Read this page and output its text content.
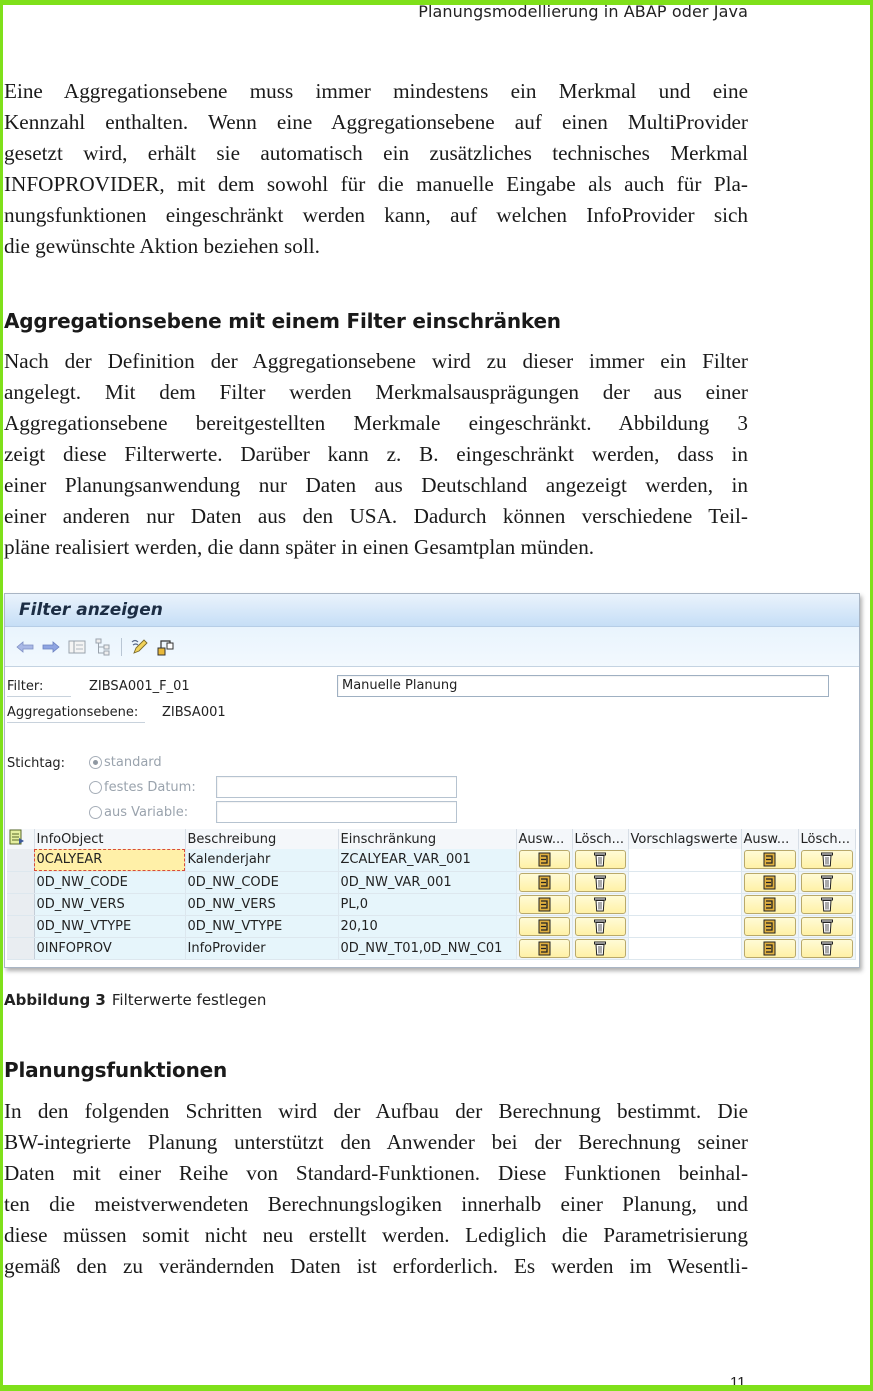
Planungsmodellierung in ABAP oder Java
Eine Aggregationsebene muss immer mindestens ein Merkmal und eine
Kennzahl enthalten. Wenn eine Aggregationsebene auf einen MultiProvider
gesetzt wird, erhält sie automatisch ein zusätzliches technisches Merkmal
INFOPROVIDER, mit dem sowohl für die manuelle Eingabe als auch für Pla-
nungsfunktionen eingeschränkt werden kann, auf welchen InfoProvider sich
die gewünschte Aktion beziehen soll.
Aggregationsebene mit einem Filter einschränken
Nach der Definition der Aggregationsebene wird zu dieser immer ein Filter
angelegt. Mit dem Filter werden Merkmalsausprägungen der aus einer
Aggregationsebene bereitgestellten Merkmale eingeschränkt. Abbildung 3
zeigt diese Filterwerte. Darüber kann z. B. eingeschränkt werden, dass in
einer Planungsanwendung nur Daten aus Deutschland angezeigt werden, in
einer anderen nur Daten aus den USA. Dadurch können verschiedene Teil-
pläne realisiert werden, die dann später in einen Gesamtplan münden.
Filter anzeigen
Filter:	ZIBSA001_F_01	Manuelle Planung
Aggregationsebene:	ZIBSA001
Stichtag:	standard
festes Datum:
aus Variable:
	InfoObject	Beschreibung	Einschränkung	Ausw...	Lösch...	Vorschlagswerte	Ausw...	Lösch...
	0CALYEAR	Kalenderjahr	ZCALYEAR_VAR_001	

	0D_NW_CODE	0D_NW_CODE	0D_NW_VAR_001	

	0D_NW_VERS	0D_NW_VERS	PL,0	

	0D_NW_VTYPE	0D_NW_VTYPE	20,10	

	0INFOPROV	InfoProvider	0D_NW_T01,0D_NW_C01	

Abbildung 3 Filterwerte festlegen
Planungsfunktionen
In den folgenden Schritten wird der Aufbau der Berechnung bestimmt. Die
BW-integrierte Planung unterstützt den Anwender bei der Berechnung seiner
Daten mit einer Reihe von Standard-Funktionen. Diese Funktionen beinhal-
ten die meistverwendeten Berechnungslogiken innerhalb einer Planung, und
diese müssen somit nicht neu erstellt werden. Lediglich die Parametrisierung
gemäß den zu verändernden Daten ist erforderlich. Es werden im Wesentli-
11
